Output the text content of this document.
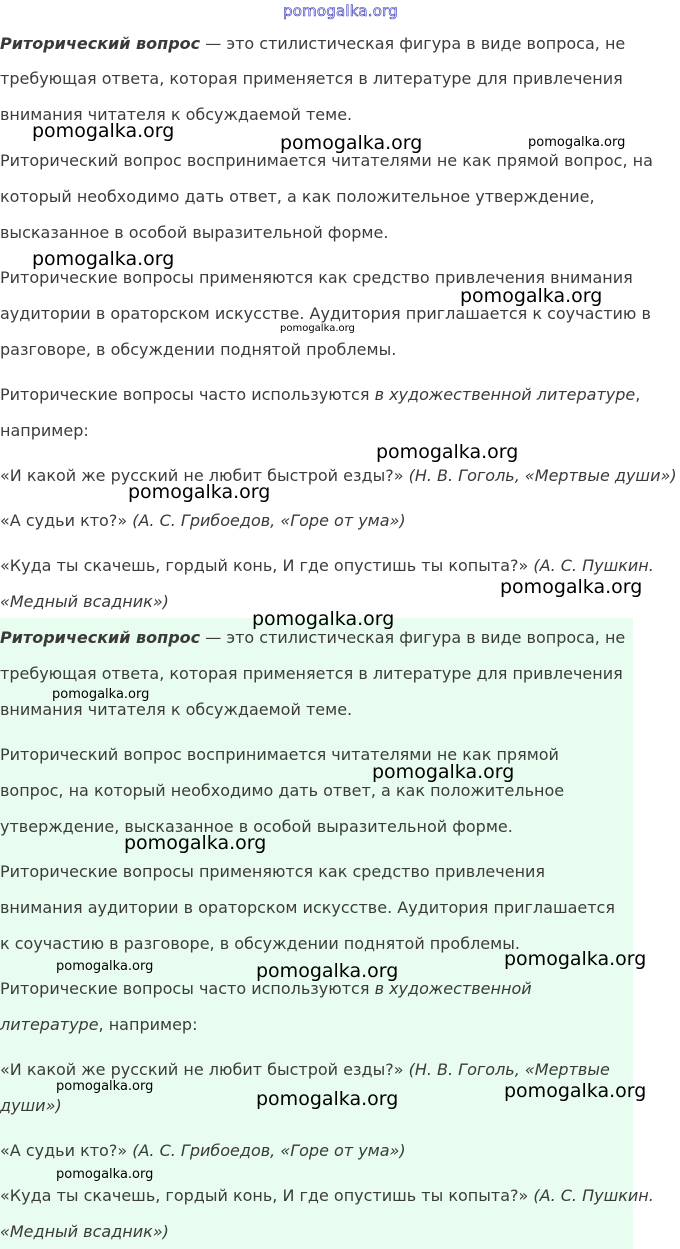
pomogalka.org
Риторический вопрос — это стилистическая фигура в виде вопроса, не
требующая ответа, которая применяется в литературе для привлечения
внимания читателя к обсуждаемой теме.
Риторический вопрос воспринимается читателями не как прямой вопрос, на
который необходимо дать ответ, а как положительное утверждение,
высказанное в особой выразительной форме.
Риторические вопросы применяются как средство привлечения внимания
аудитории в ораторском искусстве. Аудитория приглашается к соучастию в
разговоре, в обсуждении поднятой проблемы.
Риторические вопросы часто используются в художественной литературе,
например:
«И какой же русский не любит быстрой езды?» (Н. В. Гоголь, «Мертвые души»)
«А судьи кто?» (А. С. Грибоедов, «Горе от ума»)
«Куда ты скачешь, гордый конь, И где опустишь ты копыта?» (А. С. Пушкин.
«Медный всадник»)
Риторический вопрос — это стилистическая фигура в виде вопроса, не
требующая ответа, которая применяется в литературе для привлечения
внимания читателя к обсуждаемой теме.
Риторический вопрос воспринимается читателями не как прямой
вопрос, на который необходимо дать ответ, а как положительное
утверждение, высказанное в особой выразительной форме.
Риторические вопросы применяются как средство привлечения
внимания аудитории в ораторском искусстве. Аудитория приглашается
к соучастию в разговоре, в обсуждении поднятой проблемы.
Риторические вопросы часто используются в художественной
литературе, например:
«И какой же русский не любит быстрой езды?» (Н. В. Гоголь, «Мертвые
души»)
«А судьи кто?» (А. С. Грибоедов, «Горе от ума»)
«Куда ты скачешь, гордый конь, И где опустишь ты копыта?» (А. С. Пушкин.
«Медный всадник»)
pomogalka.org
pomogalka.org	pomogalka.org
pomogalka.org
pomogalka.org
pomogalka.org
pomogalka.org
pomogalka.org
pomogalka.org
pomogalka.org
pomogalka.org
pomogalka.org
pomogalka.org
pomogalka.org	pomogalka.org
pomogalka.org
pomogalka.org
pomogalka.org	pomogalka.org
pomogalka.org
